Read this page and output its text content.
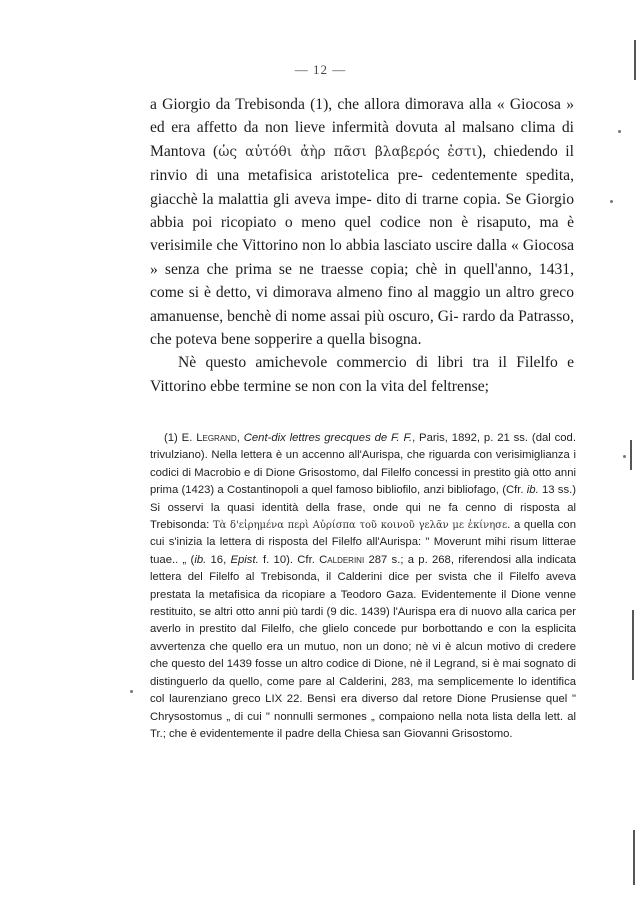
— 12 —

a Giorgio da Trebisonda (1), che allora dimorava alla « Giocosa » ed era affetto da non lieve infermità dovuta al malsano clima di Mantova (ὡς αὐτόθι ἀὴρ πᾶσι βλαβερός ἐστι), chiedendo il rinvio di una metafisica aristotelica pre- cedentemente spedita, giacchè la malattia gli aveva impe- dito di trarne copia. Se Giorgio abbia poi ricopiato o meno quel codice non è risaputo, ma è verisimile che Vittorino non lo abbia lasciato uscire dalla « Giocosa » senza che prima se ne traesse copia; chè in quell'anno, 1431, come si è detto, vi dimorava almeno fino al maggio un altro greco amanuense, benchè di nome assai più oscuro, Gi- rardo da Patrasso, che poteva bene sopperire a quella bisogna.

Nè questo amichevole commercio di libri tra il Filelfo e Vittorino ebbe termine se non con la vita del feltrense;

(1) E. Legrand, Cent-dix lettres grecques de F. F., Paris, 1892, p. 21 ss. (dal cod. trivulziano). Nella lettera è un accenno all'Aurispa, che riguarda con verisimiglianza i codici di Macrobio e di Dione Grisostomo, dal Filelfo concessi in prestito già otto anni prima (1423) a Costantinopoli a quel famoso bibliofilo, anzi bibliofago, (Cfr. ib. 13 ss.) Si osservi la quasi identità della frase, onde qui ne fa cenno di risposta al Trebisonda: Τὰ δ'εἰρημένα περὶ Αὐρίσπα τοῦ κοινοῦ γελᾶν με ἐκίνησε. a quella con cui s'inizia la lettera di risposta del Filelfo all'Aurispa: " Moverunt mihi risum litterae tuae.. „ (ib. 16, Epist. f. 10). Cfr. Calderini 287 s.; a p. 268, riferendosi alla indicata lettera del Filelfo al Trebisonda, il Calderini dice per svista che il Filelfo aveva prestata la metafisica da ricopiare a Teodoro Gaza. Evidentemente il Dione venne restituito, se altri otto anni più tardi (9 dic. 1439) l'Aurispa era di nuovo alla carica per averlo in prestito dal Filelfo, che glielo concede pur borbottando e con la esplicita avvertenza che quello era un mutuo, non un dono; nè vi è alcun motivo di credere che questo del 1439 fosse un altro codice di Dione, nè il Legrand, si è mai sognato di distinguerlo da quello, come pare al Calderini, 283, ma semplicemente lo identifica col laurenziano greco LIX 22. Bensì era diverso dal retore Dione Prusiense quel " Chrysostomus „ di cui " nonnulli sermones „ compaiono nella nota lista della lett. al Tr.; che è evidentemente il padre della Chiesa san Giovanni Grisostomo.
